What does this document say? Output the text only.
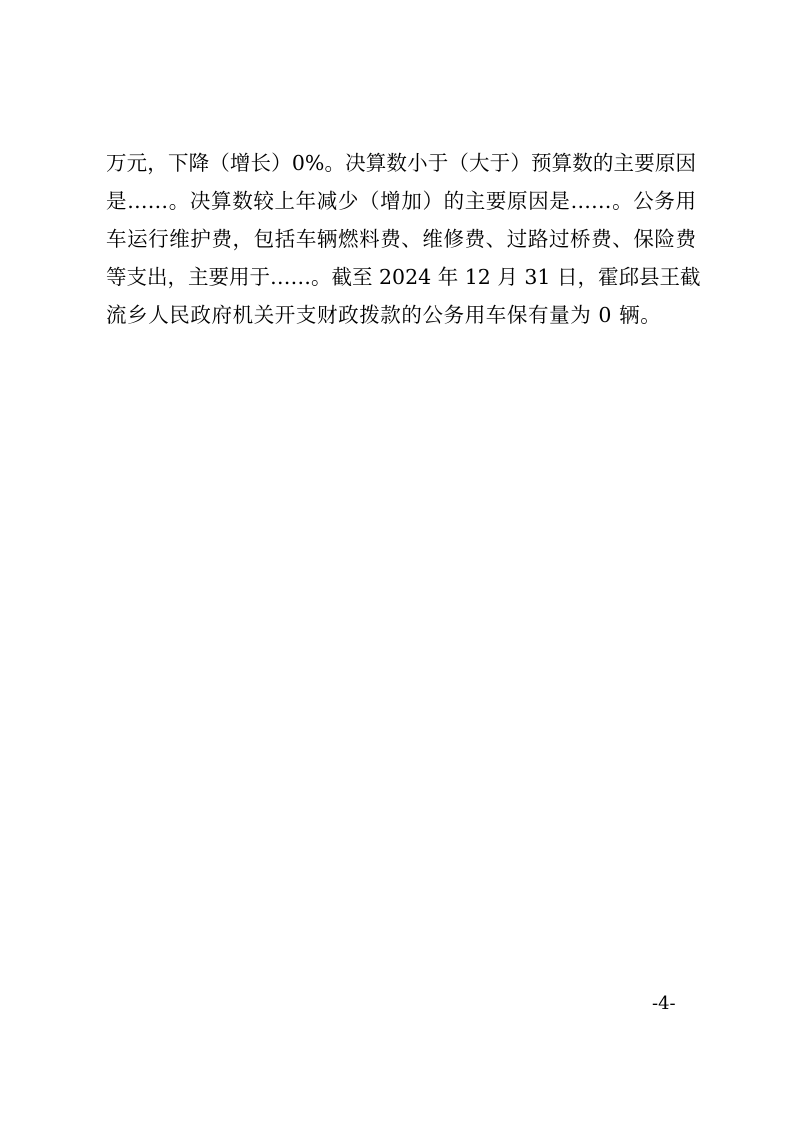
万元，下降（增长）0%。决算数小于（大于）预算数的主要原因
是……。决算数较上年减少（增加）的主要原因是……。公务用
车运行维护费，包括车辆燃料费、维修费、过路过桥费、保险费
等支出，主要用于……。截至 2024 年 12 月 31 日，霍邱县王截
流乡人民政府机关开支财政拨款的公务用车保有量为 0 辆。

-4-
